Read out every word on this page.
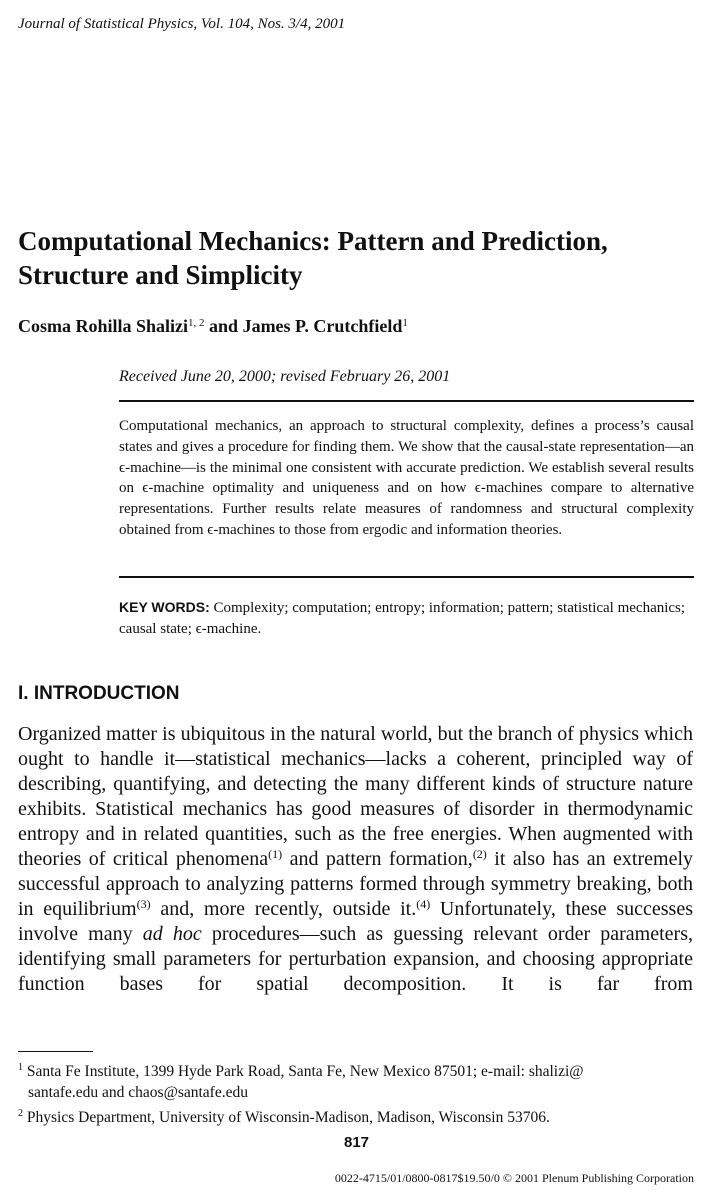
Journal of Statistical Physics, Vol. 104, Nos. 3/4, 2001
Computational Mechanics: Pattern and Prediction,
Structure and Simplicity
Cosma Rohilla Shalizi$^{1, 2}$ and James P. Crutchfield$^1$
Received June 20, 2000; revised February 26, 2001
Computational mechanics, an approach to structural complexity, defines a process’s causal states and gives a procedure for finding them. We show that the causal-state representation—an ϵ-machine—is the minimal one consistent with accurate prediction. We establish several results on ϵ-machine optimality and uniqueness and on how ϵ-machines compare to alternative representations. Further results relate measures of randomness and structural complexity obtained from ϵ-machines to those from ergodic and information theories.
KEY WORDS: Complexity; computation; entropy; information; pattern; statistical mechanics; causal state; ϵ-machine.
I. INTRODUCTION
Organized matter is ubiquitous in the natural world, but the branch of physics which ought to handle it—statistical mechanics—lacks a coherent, principled way of describing, quantifying, and detecting the many different kinds of structure nature exhibits. Statistical mechanics has good measures of disorder in thermodynamic entropy and in related quantities, such as the free energies. When augmented with theories of critical phenomena$^{(1)}$ and pattern formation,$^{(2)}$ it also has an extremely successful approach to analyzing patterns formed through symmetry breaking, both in equilibrium$^{(3)}$ and, more recently, outside it.$^{(4)}$ Unfortunately, these successes involve many ad hoc procedures—such as guessing relevant order parameters, identifying small parameters for perturbation expansion, and choosing appropriate function bases for spatial decomposition. It is far from
$^1$ Santa Fe Institute, 1399 Hyde Park Road, Santa Fe, New Mexico 87501; e-mail: shalizi@
santafe.edu and chaos@santafe.edu
$^2$ Physics Department, University of Wisconsin-Madison, Madison, Wisconsin 53706.
817
0022-4715/01/0800-0817$19.50/0 © 2001 Plenum Publishing Corporation
